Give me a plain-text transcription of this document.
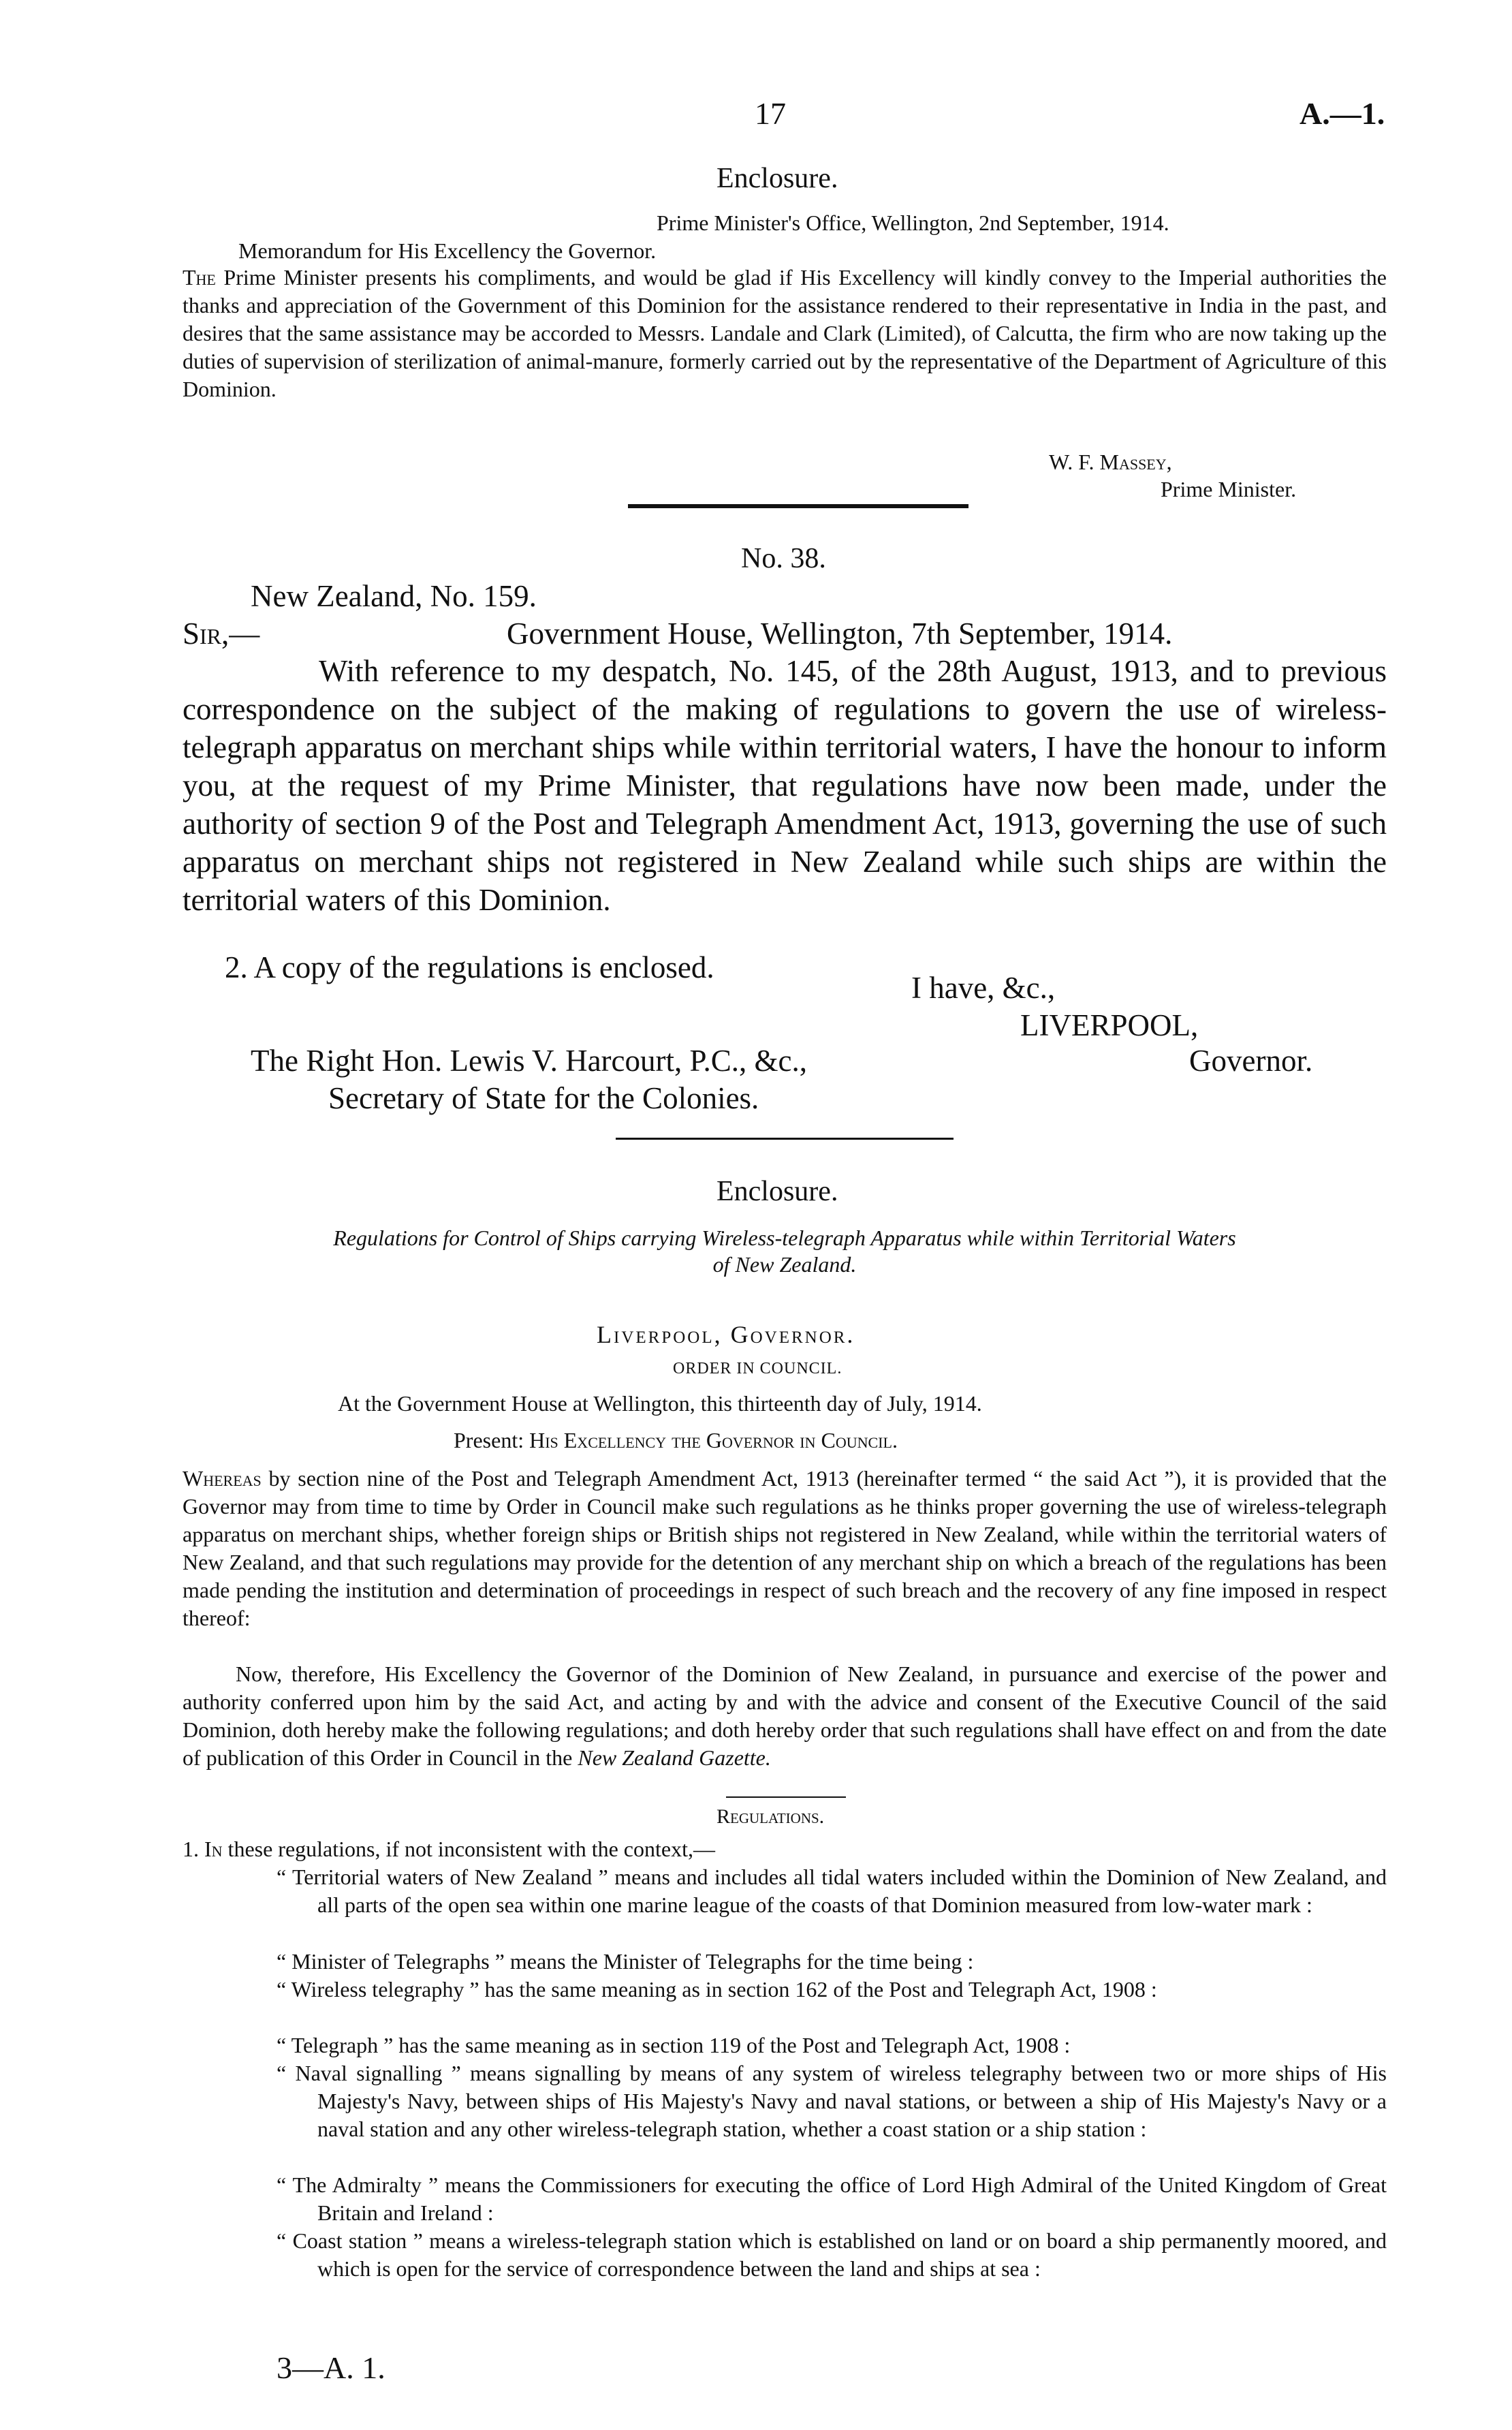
17	A.—1.
Enclosure.
Prime Minister's Office, Wellington, 2nd September, 1914.
Memorandum for His Excellency the Governor.
The Prime Minister presents his compliments, and would be glad if His Excellency will kindly convey to the Imperial authorities the thanks and appreciation of the Government of this Dominion for the assistance rendered to their representative in India in the past, and desires that the same assistance may be accorded to Messrs. Landale and Clark (Limited), of Calcutta, the firm who are now taking up the duties of supervision of sterilization of animal-manure, formerly carried out by the representative of the Department of Agriculture of this Dominion.
W. F. Massey,
Prime Minister.
No. 38.
New Zealand, No. 159.
Sir,—	Government House, Wellington, 7th September, 1914.
With reference to my despatch, No. 145, of the 28th August, 1913, and to previous correspondence on the subject of the making of regulations to govern the use of wireless-telegraph apparatus on merchant ships while within territorial waters, I have the honour to inform you, at the request of my Prime Minister, that regulations have now been made, under the authority of section 9 of the Post and Telegraph Amendment Act, 1913, governing the use of such apparatus on merchant ships not registered in New Zealand while such ships are within the territorial waters of this Dominion.
2. A copy of the regulations is enclosed.
I have, &c.,
LIVERPOOL,
The Right Hon. Lewis V. Harcourt, P.C., &c.,	Governor.
Secretary of State for the Colonies.
Enclosure.
Regulations for Control of Ships carrying Wireless-telegraph Apparatus while within Territorial Waters
of New Zealand.
Liverpool, Governor.
ORDER IN COUNCIL.
At the Government House at Wellington, this thirteenth day of July, 1914.
Present: His Excellency the Governor in Council.
Whereas by section nine of the Post and Telegraph Amendment Act, 1913 (hereinafter termed “ the said Act ”), it is provided that the Governor may from time to time by Order in Council make such regulations as he thinks proper governing the use of wireless-telegraph apparatus on merchant ships, whether foreign ships or British ships not registered in New Zealand, while within the territorial waters of New Zealand, and that such regulations may provide for the detention of any merchant ship on which a breach of the regulations has been made pending the institution and determination of proceedings in respect of such breach and the recovery of any fine imposed in respect thereof:
Now, therefore, His Excellency the Governor of the Dominion of New Zealand, in pursuance and exercise of the power and authority conferred upon him by the said Act, and acting by and with the advice and consent of the Executive Council of the said Dominion, doth hereby make the following regulations; and doth hereby order that such regulations shall have effect on and from the date of publication of this Order in Council in the New Zealand Gazette.
Regulations.
1. In these regulations, if not inconsistent with the context,—
“ Territorial waters of New Zealand ” means and includes all tidal waters included within the Dominion of New Zealand, and all parts of the open sea within one marine league of the coasts of that Dominion measured from low-water mark :
“ Minister of Telegraphs ” means the Minister of Telegraphs for the time being :
“ Wireless telegraphy ” has the same meaning as in section 162 of the Post and Telegraph Act, 1908 :
“ Telegraph ” has the same meaning as in section 119 of the Post and Telegraph Act, 1908 :
“ Naval signalling ” means signalling by means of any system of wireless telegraphy between two or more ships of His Majesty's Navy, between ships of His Majesty's Navy and naval stations, or between a ship of His Majesty's Navy or a naval station and any other wireless-telegraph station, whether a coast station or a ship station :
“ The Admiralty ” means the Commissioners for executing the office of Lord High Admiral of the United Kingdom of Great Britain and Ireland :
“ Coast station ” means a wireless-telegraph station which is established on land or on board a ship permanently moored, and which is open for the service of correspondence between the land and ships at sea :
3—A. 1.
